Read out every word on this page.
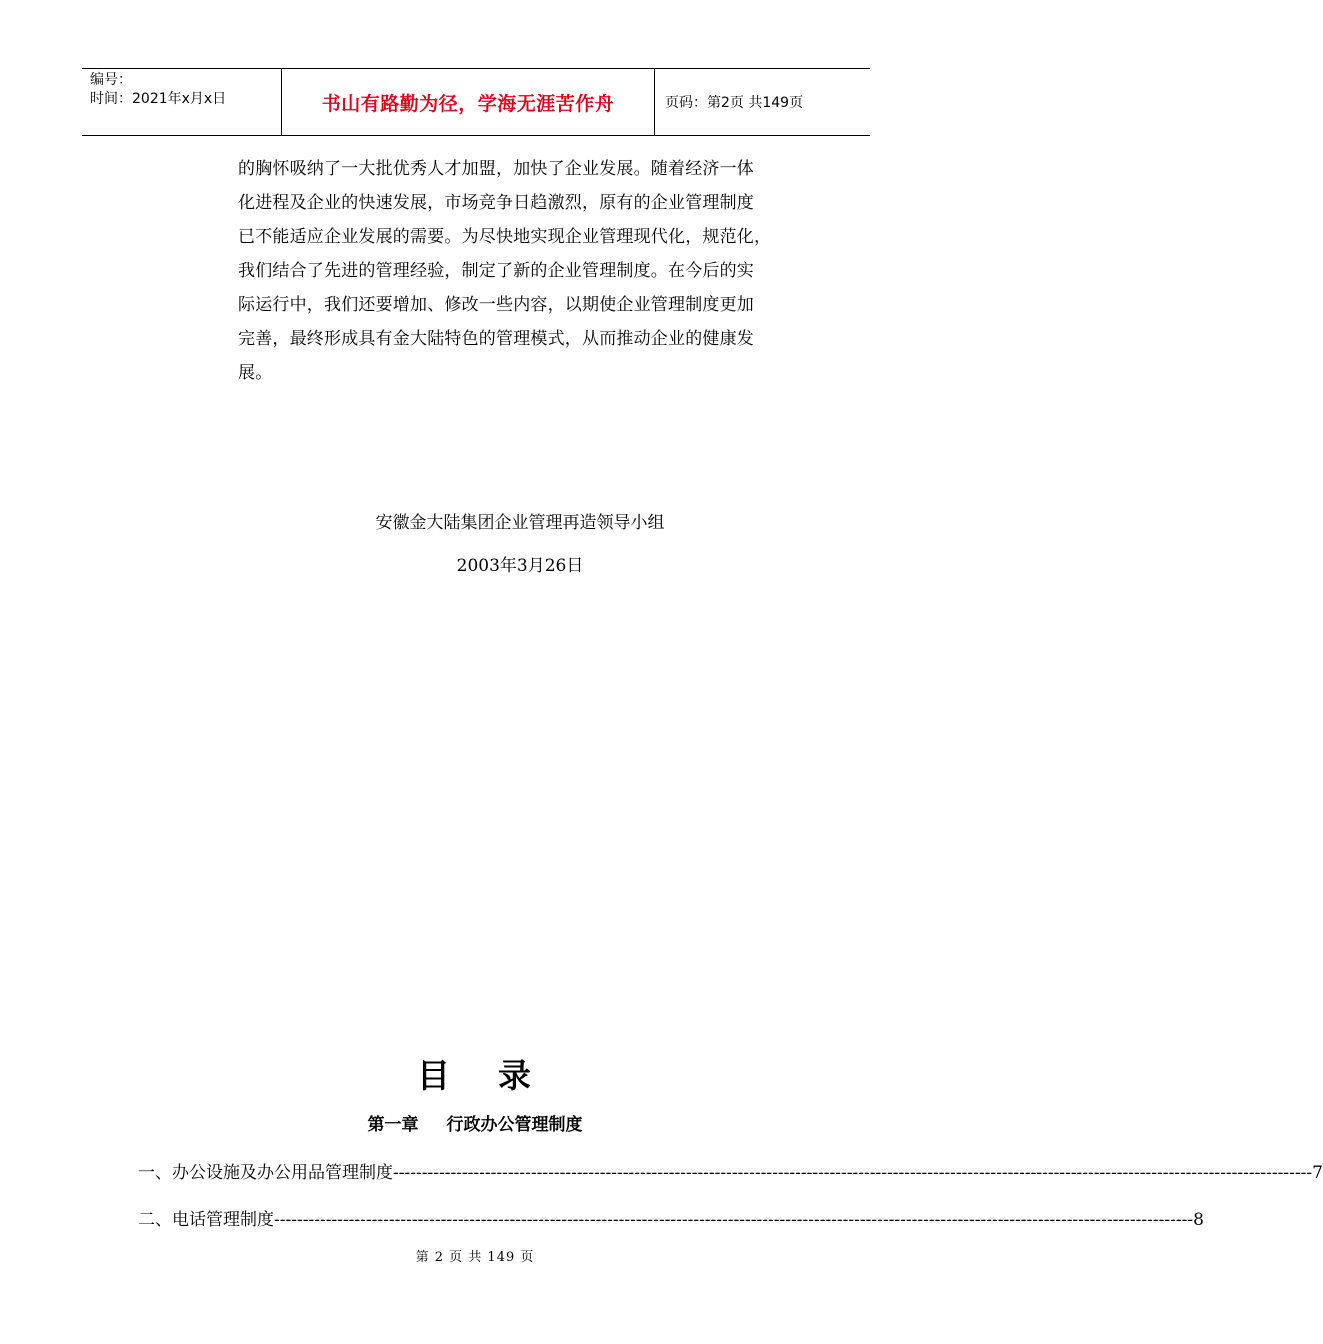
编号：
时间：2021年x月x日	书山有路勤为径，学海无涯苦作舟	页码：第2页 共149页
的胸怀吸纳了一大批优秀人才加盟，加快了企业发展。随着经济一体
化进程及企业的快速发展，市场竞争日趋激烈，原有的企业管理制度
已不能适应企业发展的需要。为尽快地实现企业管理现代化，规范化，
我们结合了先进的管理经验，制定了新的企业管理制度。在今后的实
际运行中，我们还要增加、修改一些内容，以期使企业管理制度更加
完善，最终形成具有金大陆特色的管理模式，从而推动企业的健康发
展。
安徽金大陆集团企业管理再造领导小组
2003年3月26日
目 录
第一章 行政办公管理制度
一、办公设施及办公用品管理制度 ---------------------------------------------------------------------------------------------------------------------------------------------------------------- 7
二、电话管理制度 ---------------------------------------------------------------------------------------------------------------------------------------------------------------- 8
第 2 页 共 149 页
